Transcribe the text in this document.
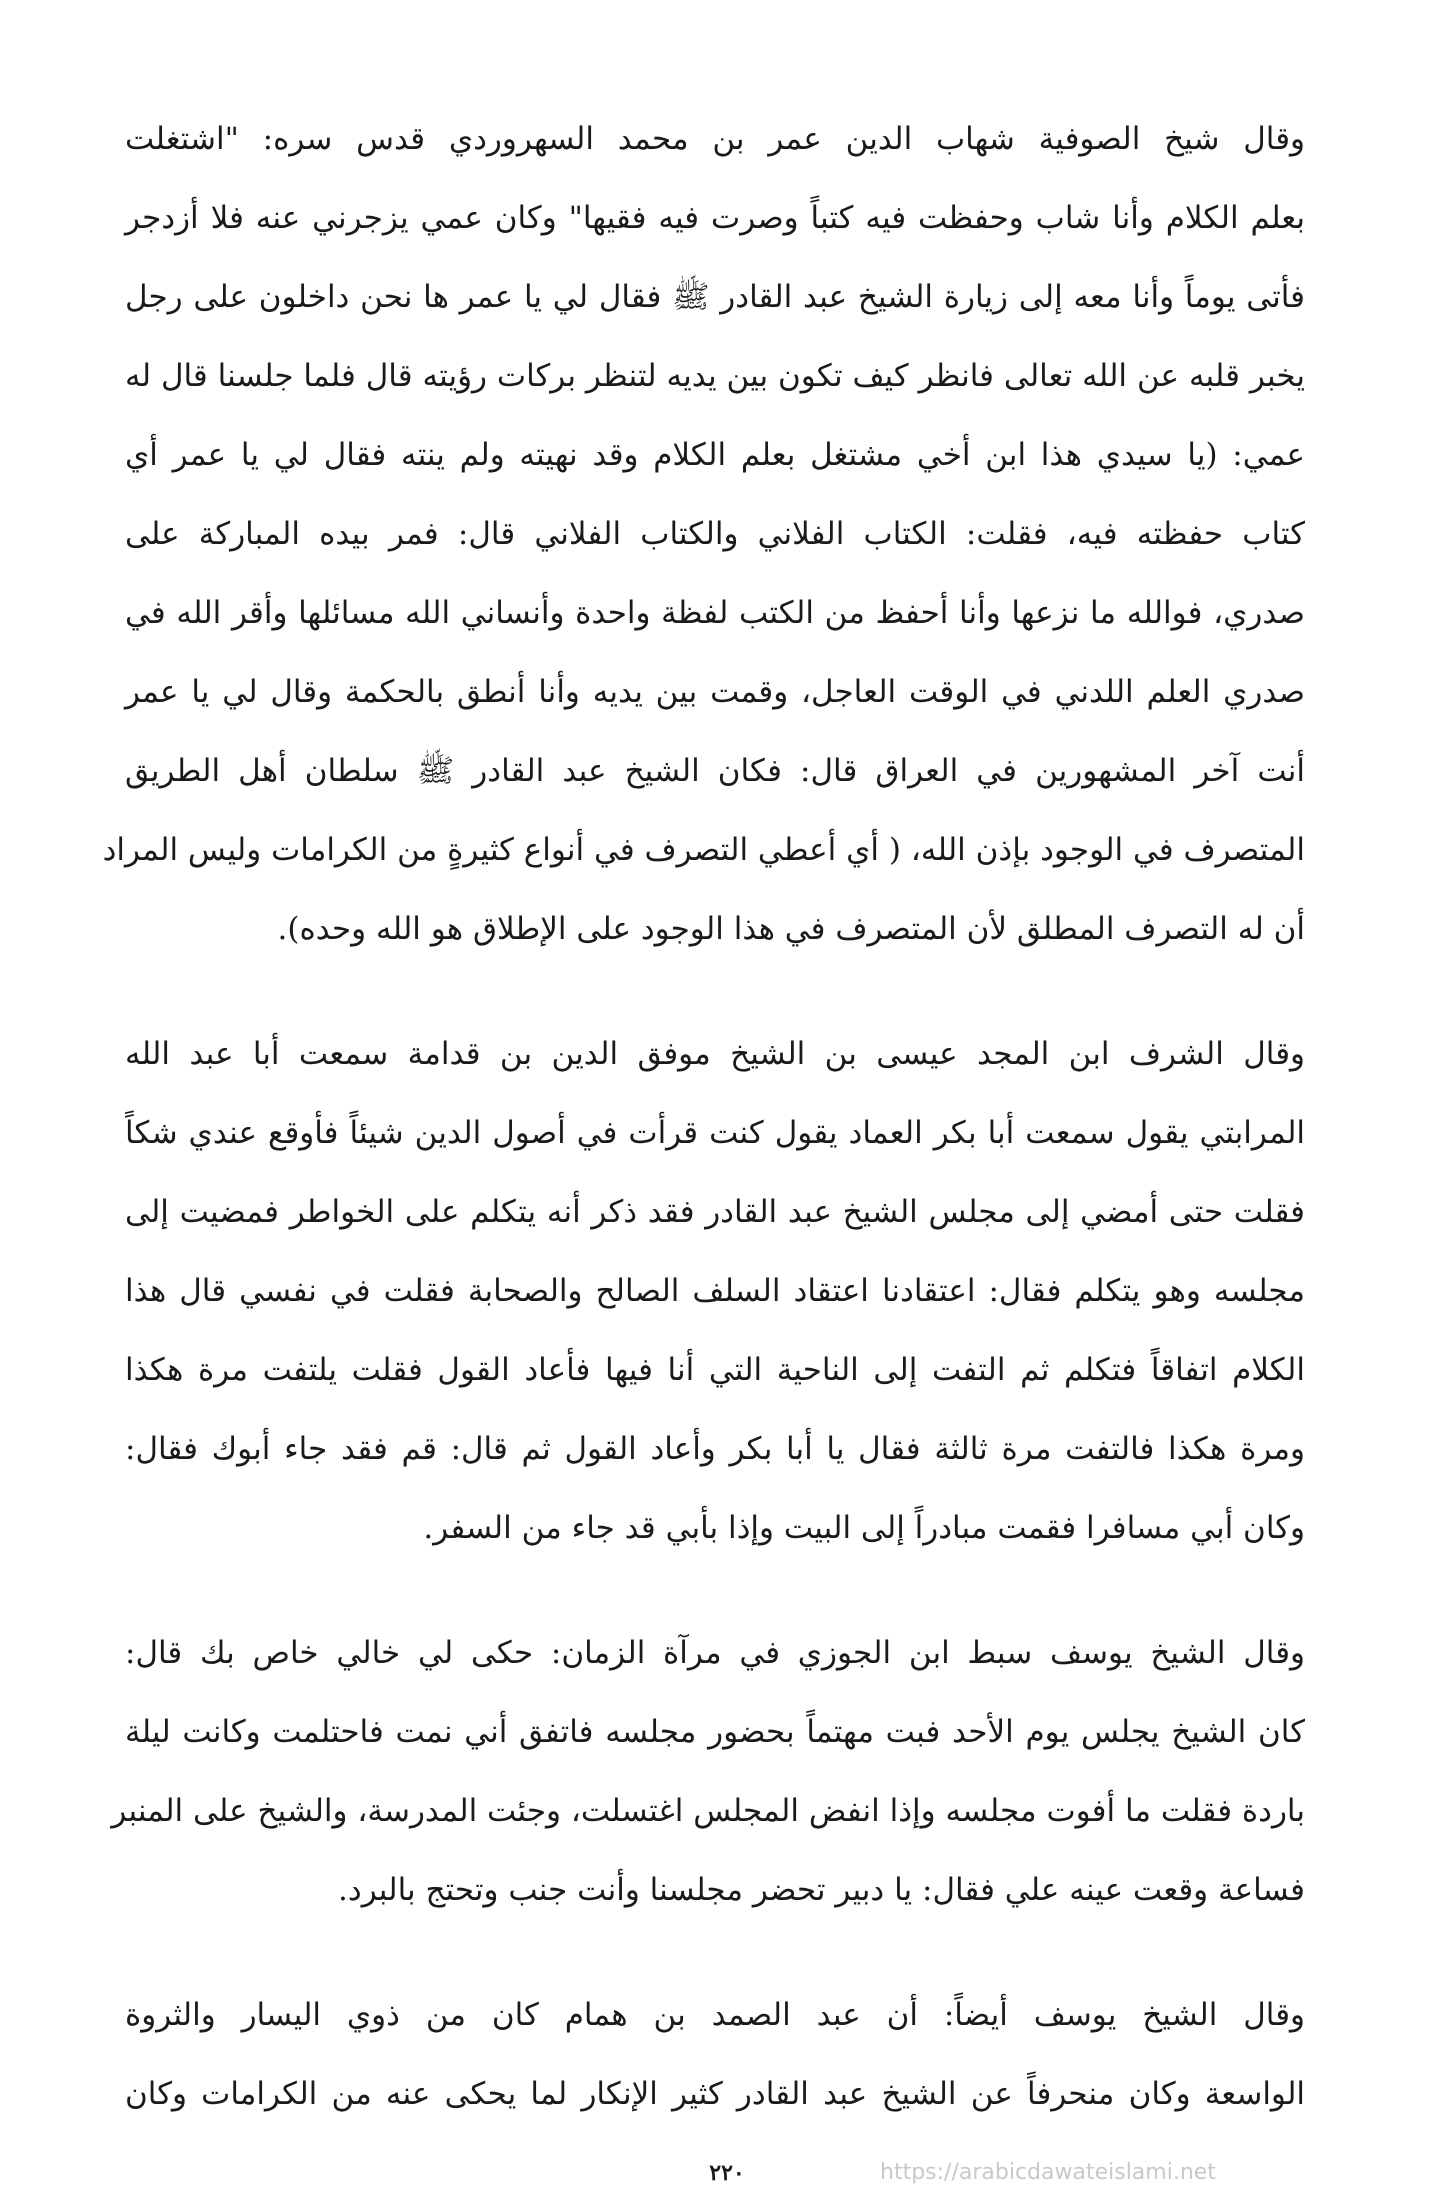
وقال شيخ الصوفية شهاب الدين عمر بن محمد السهروردي قدس سره: "اشتغلت
بعلم الكلام وأنا شاب وحفظت فيه كتباً وصرت فيه فقيها" وكان عمي يزجرني عنه فلا أزدجر
فأتى يوماً وأنا معه إلى زيارة الشيخ عبد القادر ﷺ فقال لي يا عمر ها نحن داخلون على رجل
يخبر قلبه عن الله تعالى فانظر كيف تكون بين يديه لتنظر بركات رؤيته قال فلما جلسنا قال له
عمي: (يا سيدي هذا ابن أخي مشتغل بعلم الكلام وقد نهيته ولم ينته فقال لي يا عمر أي
كتاب حفظته فيه، فقلت: الكتاب الفلاني والكتاب الفلاني قال: فمر بيده المباركة على
صدري، فوالله ما نزعها وأنا أحفظ من الكتب لفظة واحدة وأنساني الله مسائلها وأقر الله في
صدري العلم اللدني في الوقت العاجل، وقمت بين يديه وأنا أنطق بالحكمة وقال لي يا عمر
أنت آخر المشهورين في العراق قال: فكان الشيخ عبد القادر ﷺ سلطان أهل الطريق
المتصرف في الوجود بإذن الله، ( أي أعطي التصرف في أنواع كثيرةٍ من الكرامات وليس المراد
أن له التصرف المطلق لأن المتصرف في هذا الوجود على الإطلاق هو الله وحده).

وقال الشرف ابن المجد عيسى بن الشيخ موفق الدين بن قدامة سمعت أبا عبد الله
المرابتي يقول سمعت أبا بكر العماد يقول كنت قرأت في أصول الدين شيئاً فأوقع عندي شكاً
فقلت حتى أمضي إلى مجلس الشيخ عبد القادر فقد ذكر أنه يتكلم على الخواطر فمضيت إلى
مجلسه وهو يتكلم فقال: اعتقادنا اعتقاد السلف الصالح والصحابة فقلت في نفسي قال هذا
الكلام اتفاقاً فتكلم ثم التفت إلى الناحية التي أنا فيها فأعاد القول فقلت يلتفت مرة هكذا
ومرة هكذا فالتفت مرة ثالثة فقال يا أبا بكر وأعاد القول ثم قال: قم فقد جاء أبوك فقال:
وكان أبي مسافرا فقمت مبادراً إلى البيت وإذا بأبي قد جاء من السفر.

وقال الشيخ يوسف سبط ابن الجوزي في مرآة الزمان: حكى لي خالي خاص بك قال:
كان الشيخ يجلس يوم الأحد فبت مهتماً بحضور مجلسه فاتفق أني نمت فاحتلمت وكانت ليلة
باردة فقلت ما أفوت مجلسه وإذا انفض المجلس اغتسلت، وجئت المدرسة، والشيخ على المنبر
فساعة وقعت عينه علي فقال: يا دبير تحضر مجلسنا وأنت جنب وتحتج بالبرد.

وقال الشيخ يوسف أيضاً: أن عبد الصمد بن همام كان من ذوي اليسار والثروة
الواسعة وكان منحرفاً عن الشيخ عبد القادر كثير الإنكار لما يحكى عنه من الكرامات وكان

٢٢٠	https://arabicdawateislami.net
